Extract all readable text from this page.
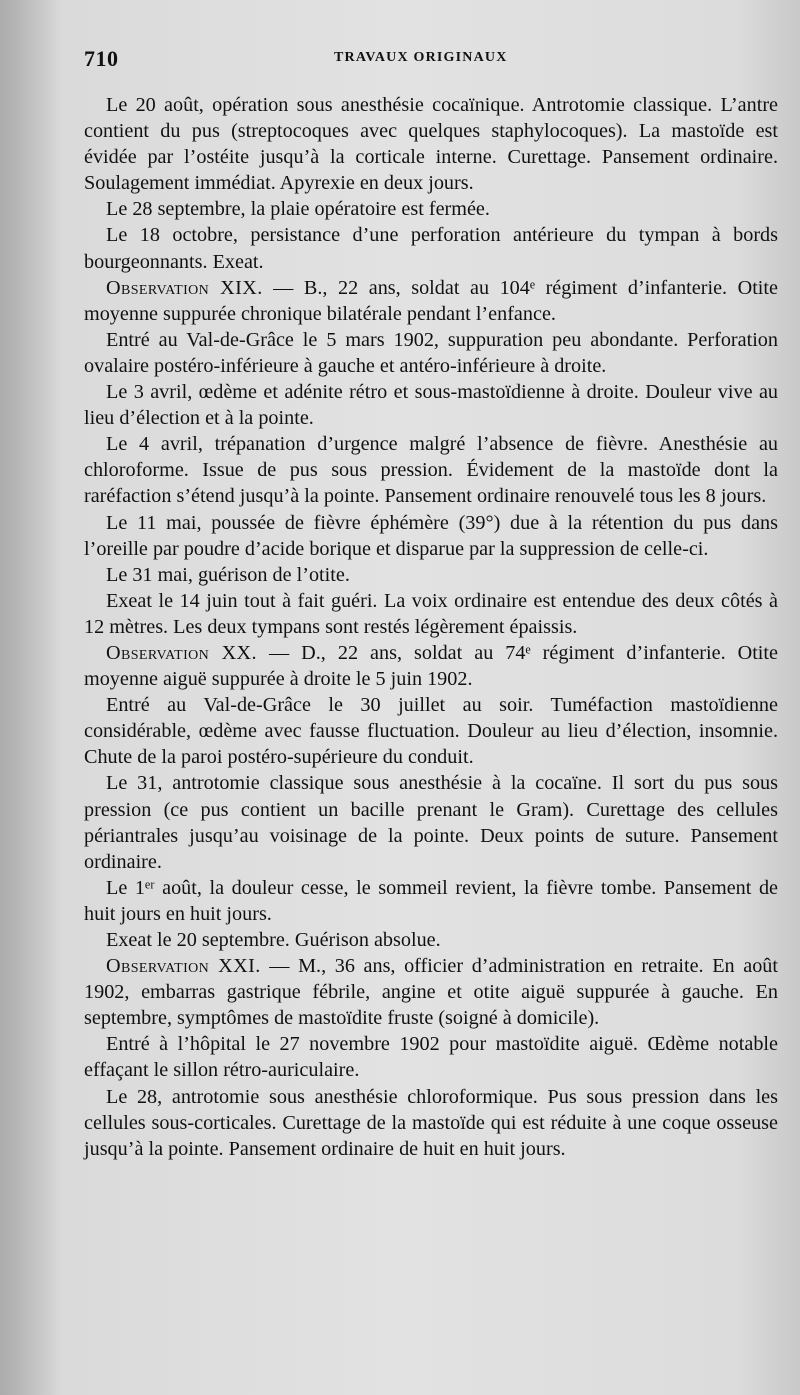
710	TRAVAUX ORIGINAUX

Le 20 août, opération sous anesthésie cocaïnique. Antrotomie classique. L’antre contient du pus (streptocoques avec quelques staphylocoques). La mastoïde est évidée par l’ostéite jusqu’à la corticale interne. Curettage. Pansement ordinaire. Soulagement immédiat. Apyrexie en deux jours.

Le 28 septembre, la plaie opératoire est fermée.

Le 18 octobre, persistance d’une perforation antérieure du tympan à bords bourgeonnants. Exeat.

Observation XIX. — B., 22 ans, soldat au 104ᵉ régiment d’infanterie. Otite moyenne suppurée chronique bilatérale pendant l’enfance.

Entré au Val-de-Grâce le 5 mars 1902, suppuration peu abondante. Perforation ovalaire postéro-inférieure à gauche et antéro-inférieure à droite.

Le 3 avril, œdème et adénite rétro et sous-mastoïdienne à droite. Douleur vive au lieu d’élection et à la pointe.

Le 4 avril, trépanation d’urgence malgré l’absence de fièvre. Anesthésie au chloroforme. Issue de pus sous pression. Évidement de la mastoïde dont la raréfaction s’étend jusqu’à la pointe. Pansement ordinaire renouvelé tous les 8 jours.

Le 11 mai, poussée de fièvre éphémère (39°) due à la rétention du pus dans l’oreille par poudre d’acide borique et disparue par la suppression de celle-ci.

Le 31 mai, guérison de l’otite.

Exeat le 14 juin tout à fait guéri. La voix ordinaire est entendue des deux côtés à 12 mètres. Les deux tympans sont restés légèrement épaissis.

Observation XX. — D., 22 ans, soldat au 74ᵉ régiment d’infanterie. Otite moyenne aiguë suppurée à droite le 5 juin 1902.

Entré au Val-de-Grâce le 30 juillet au soir. Tuméfaction mastoïdienne considérable, œdème avec fausse fluctuation. Douleur au lieu d’élection, insomnie. Chute de la paroi postéro-supérieure du conduit.

Le 31, antrotomie classique sous anesthésie à la cocaïne. Il sort du pus sous pression (ce pus contient un bacille prenant le Gram). Curettage des cellules périantrales jusqu’au voisinage de la pointe. Deux points de suture. Pansement ordinaire.

Le 1ᵉʳ août, la douleur cesse, le sommeil revient, la fièvre tombe. Pansement de huit jours en huit jours.

Exeat le 20 septembre. Guérison absolue.

Observation XXI. — M., 36 ans, officier d’administration en retraite. En août 1902, embarras gastrique fébrile, angine et otite aiguë suppurée à gauche. En septembre, symptômes de mastoïdite fruste (soigné à domicile).

Entré à l’hôpital le 27 novembre 1902 pour mastoïdite aiguë. Œdème notable effaçant le sillon rétro-auriculaire.

Le 28, antrotomie sous anesthésie chloroformique. Pus sous pression dans les cellules sous-corticales. Curettage de la mastoïde qui est réduite à une coque osseuse jusqu’à la pointe. Pansement ordinaire de huit en huit jours.
